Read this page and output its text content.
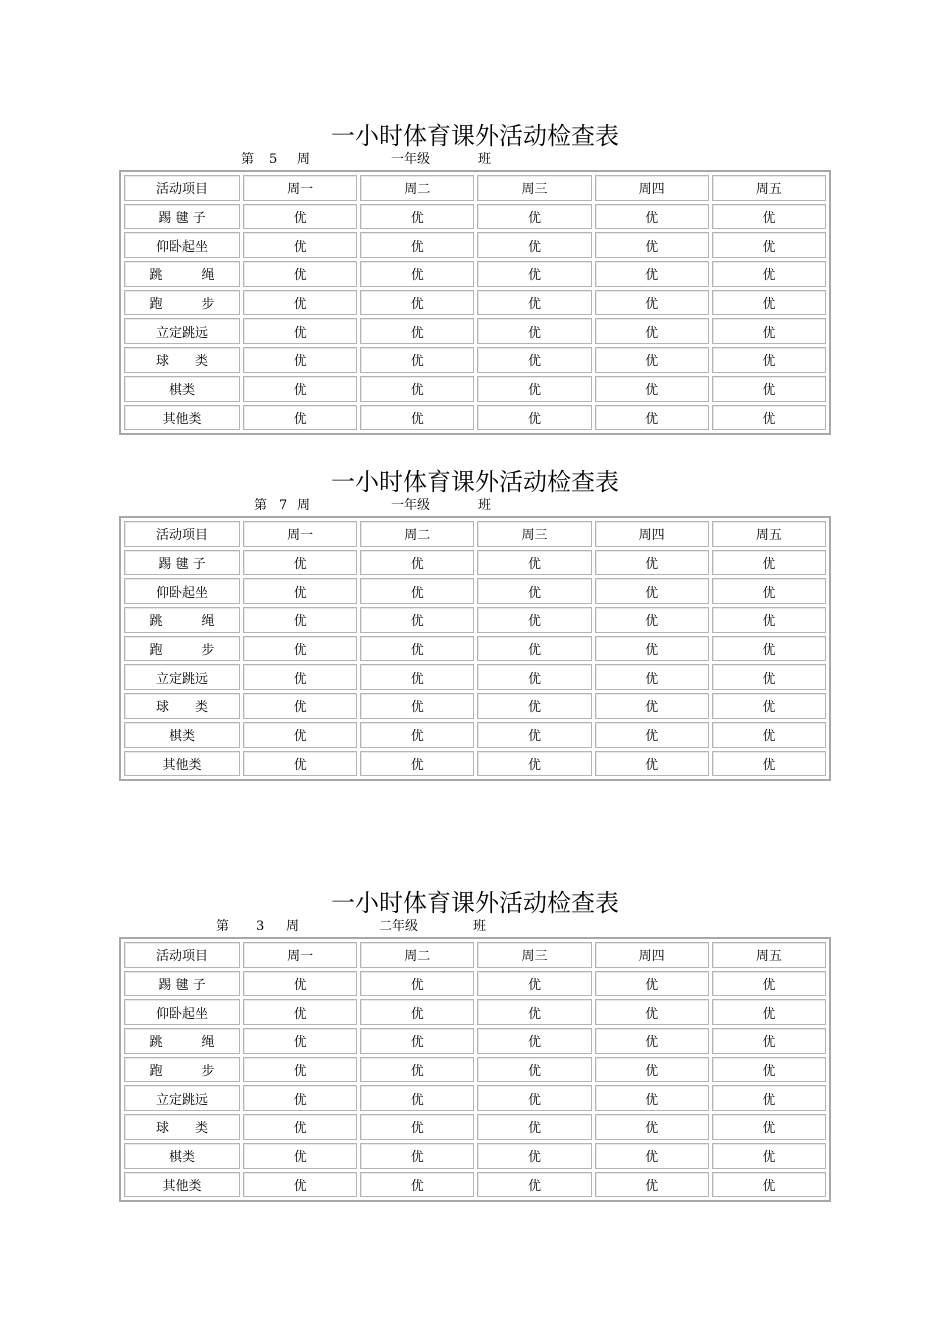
一小时体育课外活动检查表
第 5 周	一年级	班
活动项目	周一	周二	周三	周四	周五
踢 毽 子	优	优	优	优	优
仰卧起坐	优	优	优	优	优
跳　　　绳	优	优	优	优	优
跑　　　步	优	优	优	优	优
立定跳远	优	优	优	优	优
球　　类	优	优	优	优	优
棋类	优	优	优	优	优
其他类	优	优	优	优	优
一小时体育课外活动检查表
第 7 周	一年级	班
活动项目	周一	周二	周三	周四	周五
踢 毽 子	优	优	优	优	优
仰卧起坐	优	优	优	优	优
跳　　　绳	优	优	优	优	优
跑　　　步	优	优	优	优	优
立定跳远	优	优	优	优	优
球　　类	优	优	优	优	优
棋类	优	优	优	优	优
其他类	优	优	优	优	优
一小时体育课外活动检查表
第 3 周	二年级	班
活动项目	周一	周二	周三	周四	周五
踢 毽 子	优	优	优	优	优
仰卧起坐	优	优	优	优	优
跳　　　绳	优	优	优	优	优
跑　　　步	优	优	优	优	优
立定跳远	优	优	优	优	优
球　　类	优	优	优	优	优
棋类	优	优	优	优	优
其他类	优	优	优	优	优
